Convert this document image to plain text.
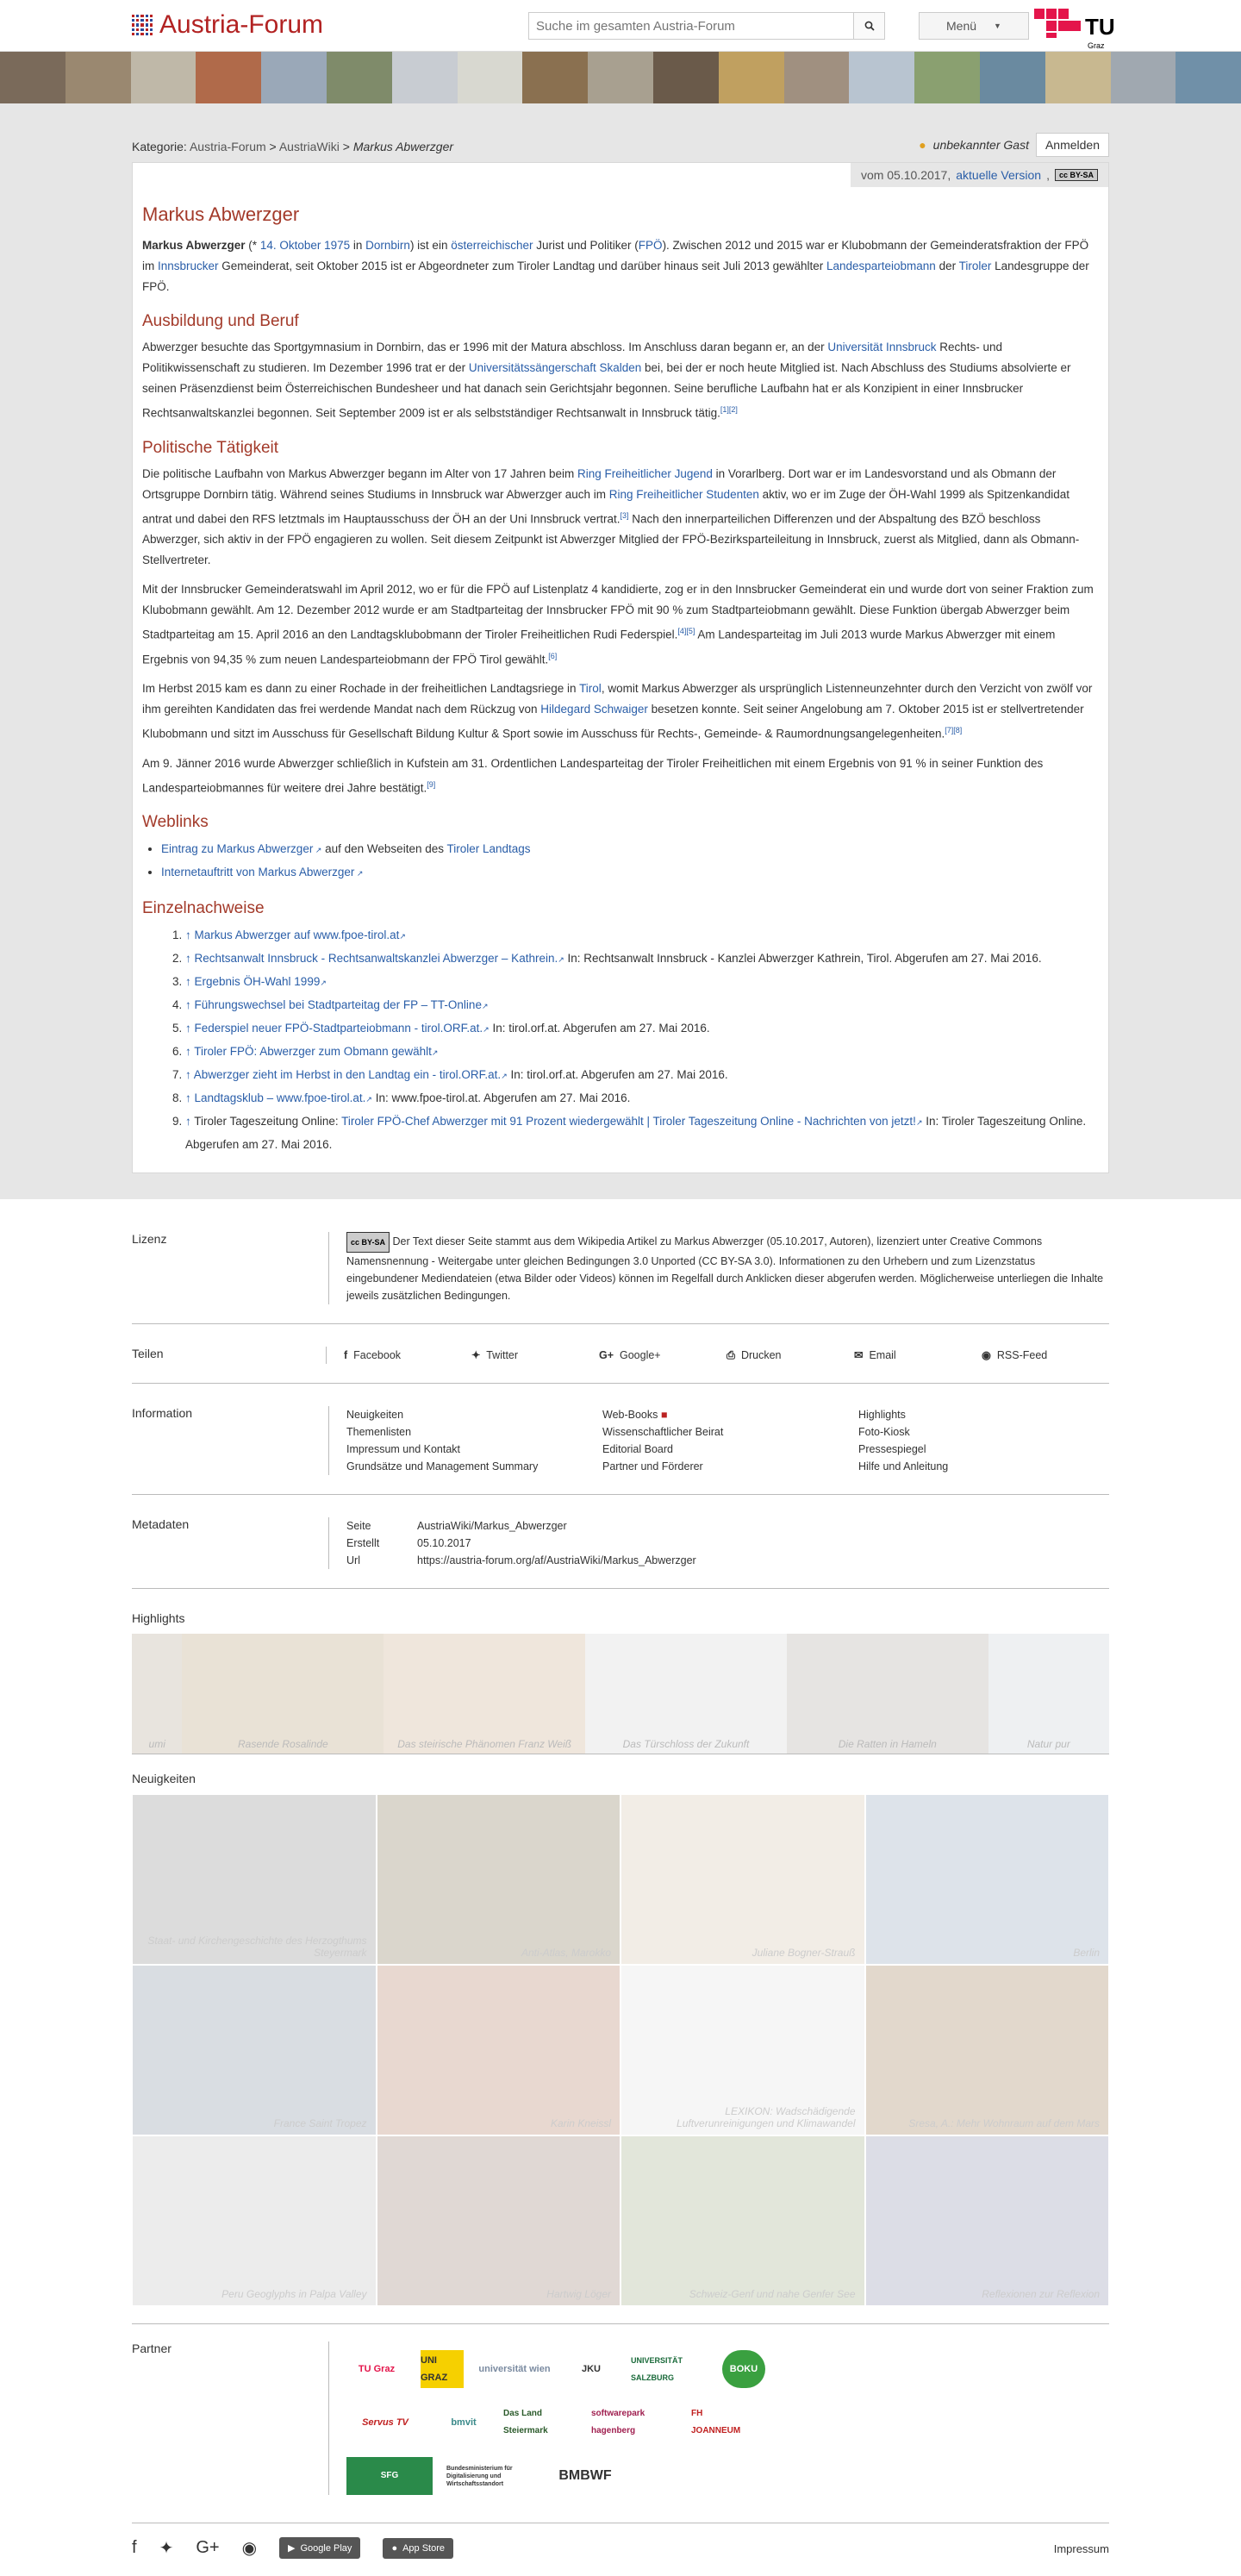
Austria-Forum
Suche im gesamten Austria-Forum	Menü ▼	TU
Graz
Kategorie: Austria-Forum > AustriaWiki > Markus Abwerzger	● unbekannter Gast	Anmelden
vom 05.10.2017, aktuelle Version ,	cc BY-SA
Markus Abwerzger

Markus Abwerzger (* 14. Oktober 1975 in Dornbirn) ist ein österreichischer Jurist und Politiker (FPÖ). Zwischen 2012 und 2015 war er Klubobmann der Gemeinderatsfraktion der FPÖ im Innsbrucker Gemeinderat, seit Oktober 2015 ist er Abgeordneter zum Tiroler Landtag und darüber hinaus seit Juli 2013 gewählter Landesparteiobmann der Tiroler Landesgruppe der FPÖ.

Ausbildung und Beruf

Abwerzger besuchte das Sportgymnasium in Dornbirn, das er 1996 mit der Matura abschloss. Im Anschluss daran begann er, an der Universität Innsbruck Rechts- und Politikwissenschaft zu studieren. Im Dezember 1996 trat er der Universitätssängerschaft Skalden bei, bei der er noch heute Mitglied ist. Nach Abschluss des Studiums absolvierte er seinen Präsenzdienst beim Österreichischen Bundesheer und hat danach sein Gerichtsjahr begonnen. Seine berufliche Laufbahn hat er als Konzipient in einer Innsbrucker Rechtsanwaltskanzlei begonnen. Seit September 2009 ist er als selbstständiger Rechtsanwalt in Innsbruck tätig.[1][2]

Politische Tätigkeit

Die politische Laufbahn von Markus Abwerzger begann im Alter von 17 Jahren beim Ring Freiheitlicher Jugend in Vorarlberg. Dort war er im Landesvorstand und als Obmann der Ortsgruppe Dornbirn tätig. Während seines Studiums in Innsbruck war Abwerzger auch im Ring Freiheitlicher Studenten aktiv, wo er im Zuge der ÖH-Wahl 1999 als Spitzenkandidat antrat und dabei den RFS letztmals im Hauptausschuss der ÖH an der Uni Innsbruck vertrat.[3] Nach den innerparteilichen Differenzen und der Abspaltung des BZÖ beschloss Abwerzger, sich aktiv in der FPÖ engagieren zu wollen. Seit diesem Zeitpunkt ist Abwerzger Mitglied der FPÖ-Bezirksparteileitung in Innsbruck, zuerst als Mitglied, dann als Obmann-Stellvertreter.

Mit der Innsbrucker Gemeinderatswahl im April 2012, wo er für die FPÖ auf Listenplatz 4 kandidierte, zog er in den Innsbrucker Gemeinderat ein und wurde dort von seiner Fraktion zum Klubobmann gewählt. Am 12. Dezember 2012 wurde er am Stadtparteitag der Innsbrucker FPÖ mit 90 % zum Stadtparteiobmann gewählt. Diese Funktion übergab Abwerzger beim Stadtparteitag am 15. April 2016 an den Landtagsklubobmann der Tiroler Freiheitlichen Rudi Federspiel.[4][5] Am Landesparteitag im Juli 2013 wurde Markus Abwerzger mit einem Ergebnis von 94,35 % zum neuen Landesparteiobmann der FPÖ Tirol gewählt.[6]

Im Herbst 2015 kam es dann zu einer Rochade in der freiheitlichen Landtagsriege in Tirol, womit Markus Abwerzger als ursprünglich Listenneunzehnter durch den Verzicht von zwölf vor ihm gereihten Kandidaten das frei werdende Mandat nach dem Rückzug von Hildegard Schwaiger besetzen konnte. Seit seiner Angelobung am 7. Oktober 2015 ist er stellvertretender Klubobmann und sitzt im Ausschuss für Gesellschaft Bildung Kultur & Sport sowie im Ausschuss für Rechts-, Gemeinde- & Raumordnungsangelegenheiten.[7][8]

Am 9. Jänner 2016 wurde Abwerzger schließlich in Kufstein am 31. Ordentlichen Landesparteitag der Tiroler Freiheitlichen mit einem Ergebnis von 91 % in seiner Funktion des Landesparteiobmannes für weitere drei Jahre bestätigt.[9]

Weblinks
• Eintrag zu Markus Abwerzger ↗ auf den Webseiten des Tiroler Landtags
• Internetauftritt von Markus Abwerzger ↗
Einzelnachweise
1. ↑ Markus Abwerzger auf www.fpoe-tirol.at↗
2. ↑ Rechtsanwalt Innsbruck - Rechtsanwaltskanzlei Abwerzger – Kathrein.↗ In: Rechtsanwalt Innsbruck - Kanzlei Abwerzger Kathrein, Tirol. Abgerufen am 27. Mai 2016.
3. ↑ Ergebnis ÖH-Wahl 1999↗
4. ↑ Führungswechsel bei Stadtparteitag der FP – TT-Online↗
5. ↑ Federspiel neuer FPÖ-Stadtparteiobmann - tirol.ORF.at.↗ In: tirol.orf.at. Abgerufen am 27. Mai 2016.
6. ↑ Tiroler FPÖ: Abwerzger zum Obmann gewählt↗
7. ↑ Abwerzger zieht im Herbst in den Landtag ein - tirol.ORF.at.↗ In: tirol.orf.at. Abgerufen am 27. Mai 2016.
8. ↑ Landtagsklub – www.fpoe-tirol.at.↗ In: www.fpoe-tirol.at. Abgerufen am 27. Mai 2016.
9. ↑ Tiroler Tageszeitung Online: Tiroler FPÖ-Chef Abwerzger mit 91 Prozent wiedergewählt | Tiroler Tageszeitung Online - Nachrichten von jetzt!↗ In: Tiroler Tageszeitung Online. Abgerufen am 27. Mai 2016.
Lizenz	cc BY-SA Der Text dieser Seite stammt aus dem Wikipedia Artikel zu Markus Abwerzger (05.10.2017, Autoren), lizenziert unter Creative Commons Namensnennung - Weitergabe unter gleichen Bedingungen 3.0 Unported (CC BY-SA 3.0). Informationen zu den Urhebern und zum Lizenzstatus eingebundener Mediendateien (etwa Bilder oder Videos) können im Regelfall durch Anklicken dieser abgerufen werden. Möglicherweise unterliegen die Inhalte jeweils zusätzlichen Bedingungen.
Teilen	f Facebook	✦ Twitter	G+ Google+	⎙ Drucken	✉ Email	◉ RSS-Feed
Information	Neuigkeiten	Web-Books ■	Highlights
Themenlisten	Wissenschaftlicher Beirat	Foto-Kiosk
Impressum und Kontakt	Editorial Board	Pressespiegel
Grundsätze und Management Summary	Partner und Förderer	Hilfe und Anleitung
Metadaten	Seite	AustriaWiki/Markus_Abwerzger
Erstellt	05.10.2017
Url	https://austria-forum.org/af/AustriaWiki/Markus_Abwerzger
Highlights
umi	Rasende Rosalinde	Das steirische Phänomen Franz Weiß	Das Türschloss der Zukunft	Die Ratten in Hameln	Natur pur
Neuigkeiten
Staat- und Kirchengeschichte des Herzogthums Steyermark	Anti-Atlas, Marokko	Juliane Bogner-Strauß	Berlin
France Saint Tropez	Karin Kneissl
LEXIKON: Wadschädigende Luftverunreinigungen und Klimawandel	Sresa, A.: Mehr Wohnraum auf dem Mars
Peru Geoglyphs in Palpa Valley	Hartwig Löger	Schweiz-Genf und nahe Genfer See	Reflexionen zur Reflexion
Partner
TU Graz
UNI GRAZ
universität wien	JKU
UNIVERSITÄT SALZBURG
BOKU
Servus TV	bmvit
Das Land Steiermark
softwarepark hagenberg
FH JOANNEUM
SFG
Bundesministerium für Digitalisierung und Wirtschaftsstandort
BMBWF
f ✦ G+ ◉	▶ Google Play	● App Store	Impressum
